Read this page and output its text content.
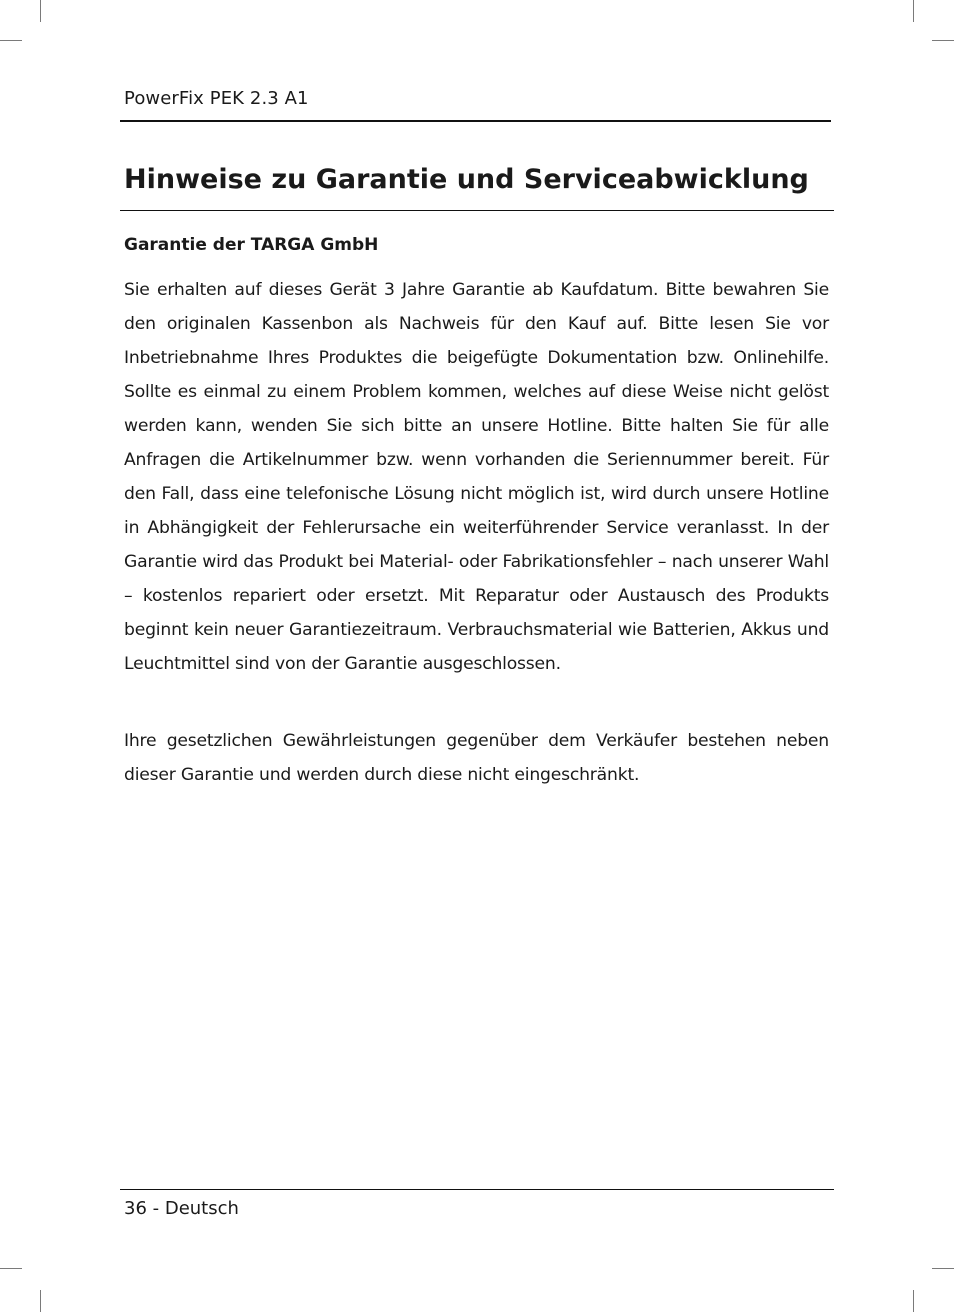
PowerFix PEK 2.3 A1
Hinweise zu Garantie und Serviceabwicklung
Garantie der TARGA GmbH

Sie erhalten auf dieses Gerät 3 Jahre Garantie ab Kaufdatum. Bitte bewahren Sie den originalen Kassenbon als Nachweis für den Kauf auf. Bitte lesen Sie vor Inbetriebnahme Ihres Produktes die beigefügte Dokumentation bzw. Onlinehilfe. Sollte es einmal zu einem Problem kommen, welches auf diese Weise nicht gelöst werden kann, wenden Sie sich bitte an unsere Hotline. Bitte halten Sie für alle Anfragen die Artikelnummer bzw. wenn vorhanden die Seriennummer bereit. Für den Fall, dass eine telefonische Lösung nicht möglich ist, wird durch unsere Hotline in Abhängigkeit der Fehlerursache ein weiterführender Service veranlasst. In der Garantie wird das Produkt bei Material- oder Fabrikationsfehler – nach unserer Wahl – kostenlos repariert oder ersetzt. Mit Reparatur oder Austausch des Produkts beginnt kein neuer Garantiezeitraum. Verbrauchsmaterial wie Batterien, Akkus und Leuchtmittel sind von der Garantie ausgeschlossen.

Ihre gesetzlichen Gewährleistungen gegenüber dem Verkäufer bestehen neben dieser Garantie und werden durch diese nicht eingeschränkt.

36 - Deutsch
